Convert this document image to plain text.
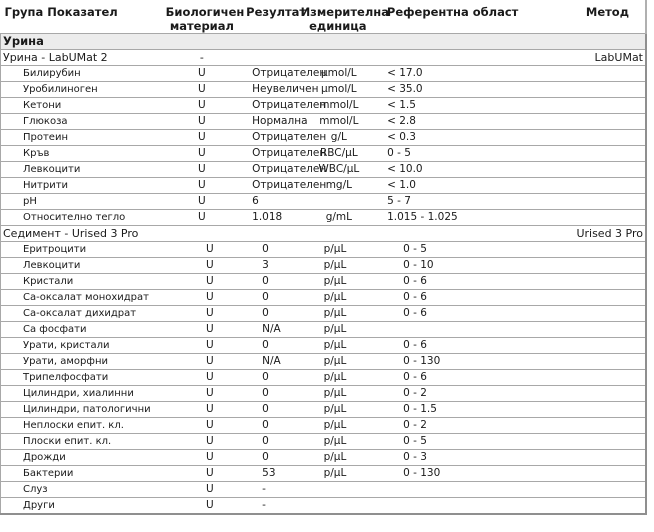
Група Показател	Биологичен
материал	Резултат	Измерителна
единица	Референтна област	Метод
Урина					
Урина - LabUMat 2	-				LabUMat
Билирубин	U	Отрицателен	µmol/L	< 17.0	
Уробилиноген	U	Неувеличен	µmol/L	< 35.0	
Кетони	U	Отрицателен	mmol/L	< 1.5	
Глюкоза	U	Нормална	mmol/L	< 2.8	
Протеин	U	Отрицателен	g/L	< 0.3	
Кръв	U	Отрицателен	RBC/µL	0 - 5	
Левкоцити	U	Отрицателен	WBC/µL	< 10.0	
Нитрити	U	Отрицателен	mg/L	< 1.0	
pH	U	6		5 - 7	
Относително тегло	U	1.018	g/mL	1.015 - 1.025	
Седимент - Urised 3 Pro				Urised 3 Pro	
Еритроцити	U	0	p/µL	0 - 5	
Левкоцити	U	3	p/µL	0 - 10	
Кристали	U	0	p/µL	0 - 6	
Са-оксалат монохидрат	U	0	p/µL	0 - 6	
Са-оксалат дихидрат	U	0	p/µL	0 - 6	
Са фосфати	U	N/A	p/µL		
Урати, кристали	U	0	p/µL	0 - 6	
Урати, аморфни	U	N/A	p/µL	0 - 130	
Трипелфосфати	U	0	p/µL	0 - 6	
Цилиндри, хиалинни	U	0	p/µL	0 - 2	
Цилиндри, патологични	U	0	p/µL	0 - 1.5	
Неплоски епит. кл.	U	0	p/µL	0 - 2	
Плоски епит. кл.	U	0	p/µL	0 - 5	
Дрожди	U	0	p/µL	0 - 3	
Бактерии	U	53	p/µL	0 - 130	
Слуз	U	-			
Други	U	-			
